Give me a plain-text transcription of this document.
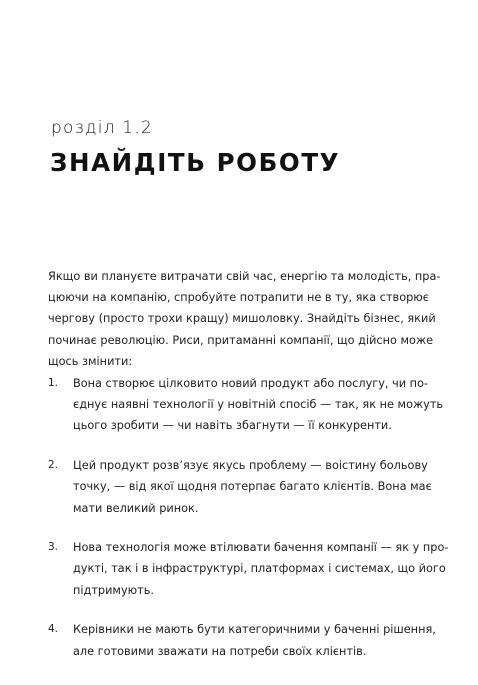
розділ 1.2
ЗНАЙДІТЬ РОБОТУ
Якщо ви плануєте витрачати свій час, енергію та молодість, пра-
цюючи на компанію, спробуйте потрапити не в ту, яка створює
чергову (просто трохи кращу) мишоловку. Знайдіть бізнес, який
починає революцію. Риси, притаманні компанії, що дійсно може
щось змінити:
1. Вона створює цілковито новий продукт або послугу, чи по-
єднує наявні технології у новітній спосіб — так, як не можуть
цього зробити — чи навіть збагнути — її конкуренти.
2. Цей продукт розв’язує якусь проблему — воістину больову
точку, — від якої щодня потерпає багато клієнтів. Вона має
мати великий ринок.
3. Нова технологія може втілювати бачення компанії — як у про-
дукті, так і в інфраструктурі, платформах і системах, що його
підтримують.
4. Керівники не мають бути категоричними у баченні рішення,
але готовими зважати на потреби своїх клієнтів.
